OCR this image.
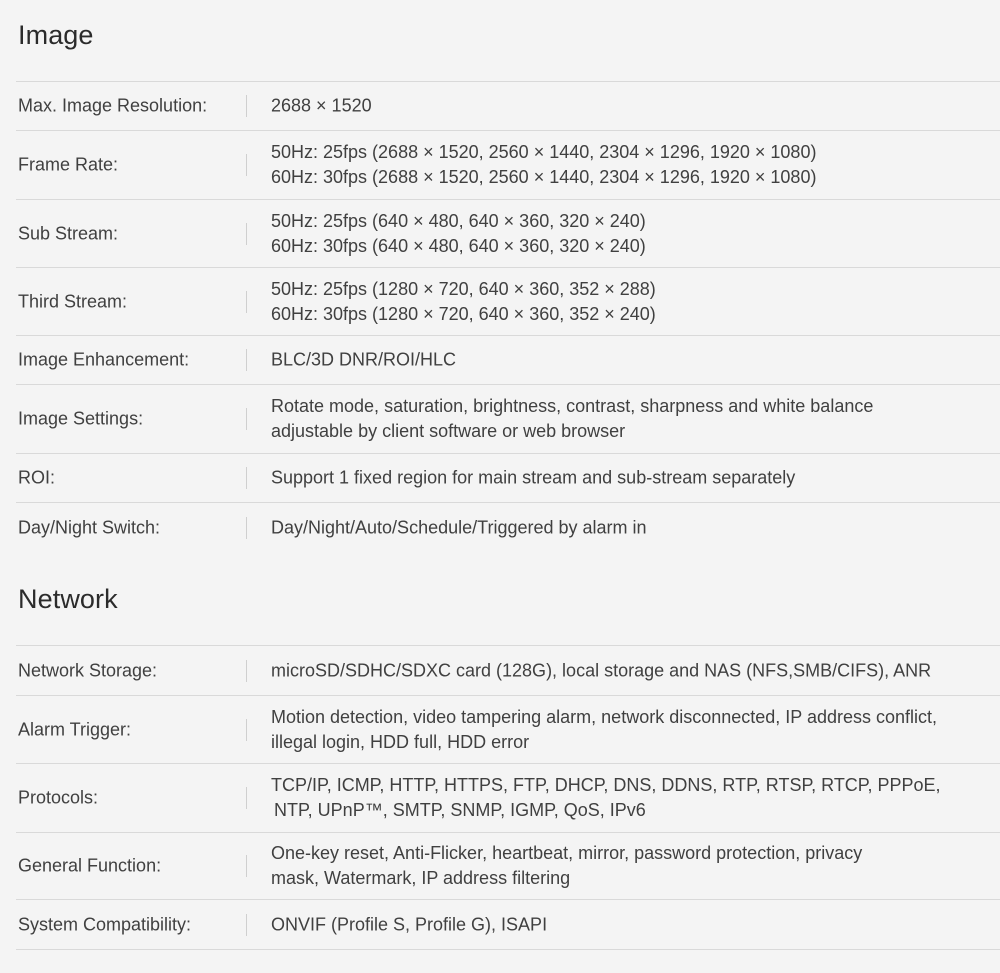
Image
Max. Image Resolution:	2688 × 1520
Frame Rate:
50Hz: 25fps (2688 × 1520, 2560 × 1440, 2304 × 1296, 1920 × 1080)
60Hz: 30fps (2688 × 1520, 2560 × 1440, 2304 × 1296, 1920 × 1080)
Sub Stream:
50Hz: 25fps (640 × 480, 640 × 360, 320 × 240)
60Hz: 30fps (640 × 480, 640 × 360, 320 × 240)
Third Stream:
50Hz: 25fps (1280 × 720, 640 × 360, 352 × 288)
60Hz: 30fps (1280 × 720, 640 × 360, 352 × 240)
Image Enhancement:	BLC/3D DNR/ROI/HLC
Image Settings:
Rotate mode, saturation, brightness, contrast, sharpness and white balance
adjustable by client software or web browser
ROI:	Support 1 fixed region for main stream and sub-stream separately
Day/Night Switch:	Day/Night/Auto/Schedule/Triggered by alarm in
Network
Network Storage:	microSD/SDHC/SDXC card (128G), local storage and NAS (NFS,SMB/CIFS), ANR
Alarm Trigger:
Motion detection, video tampering alarm, network disconnected, IP address conflict,
illegal login, HDD full, HDD error
Protocols:
TCP/IP, ICMP, HTTP, HTTPS, FTP, DHCP, DNS, DDNS, RTP, RTSP, RTCP, PPPoE,
NTP, UPnP™, SMTP, SNMP, IGMP, QoS, IPv6
General Function:
One-key reset, Anti-Flicker, heartbeat, mirror, password protection, privacy
mask, Watermark, IP address filtering
System Compatibility:	ONVIF (Profile S, Profile G), ISAPI
